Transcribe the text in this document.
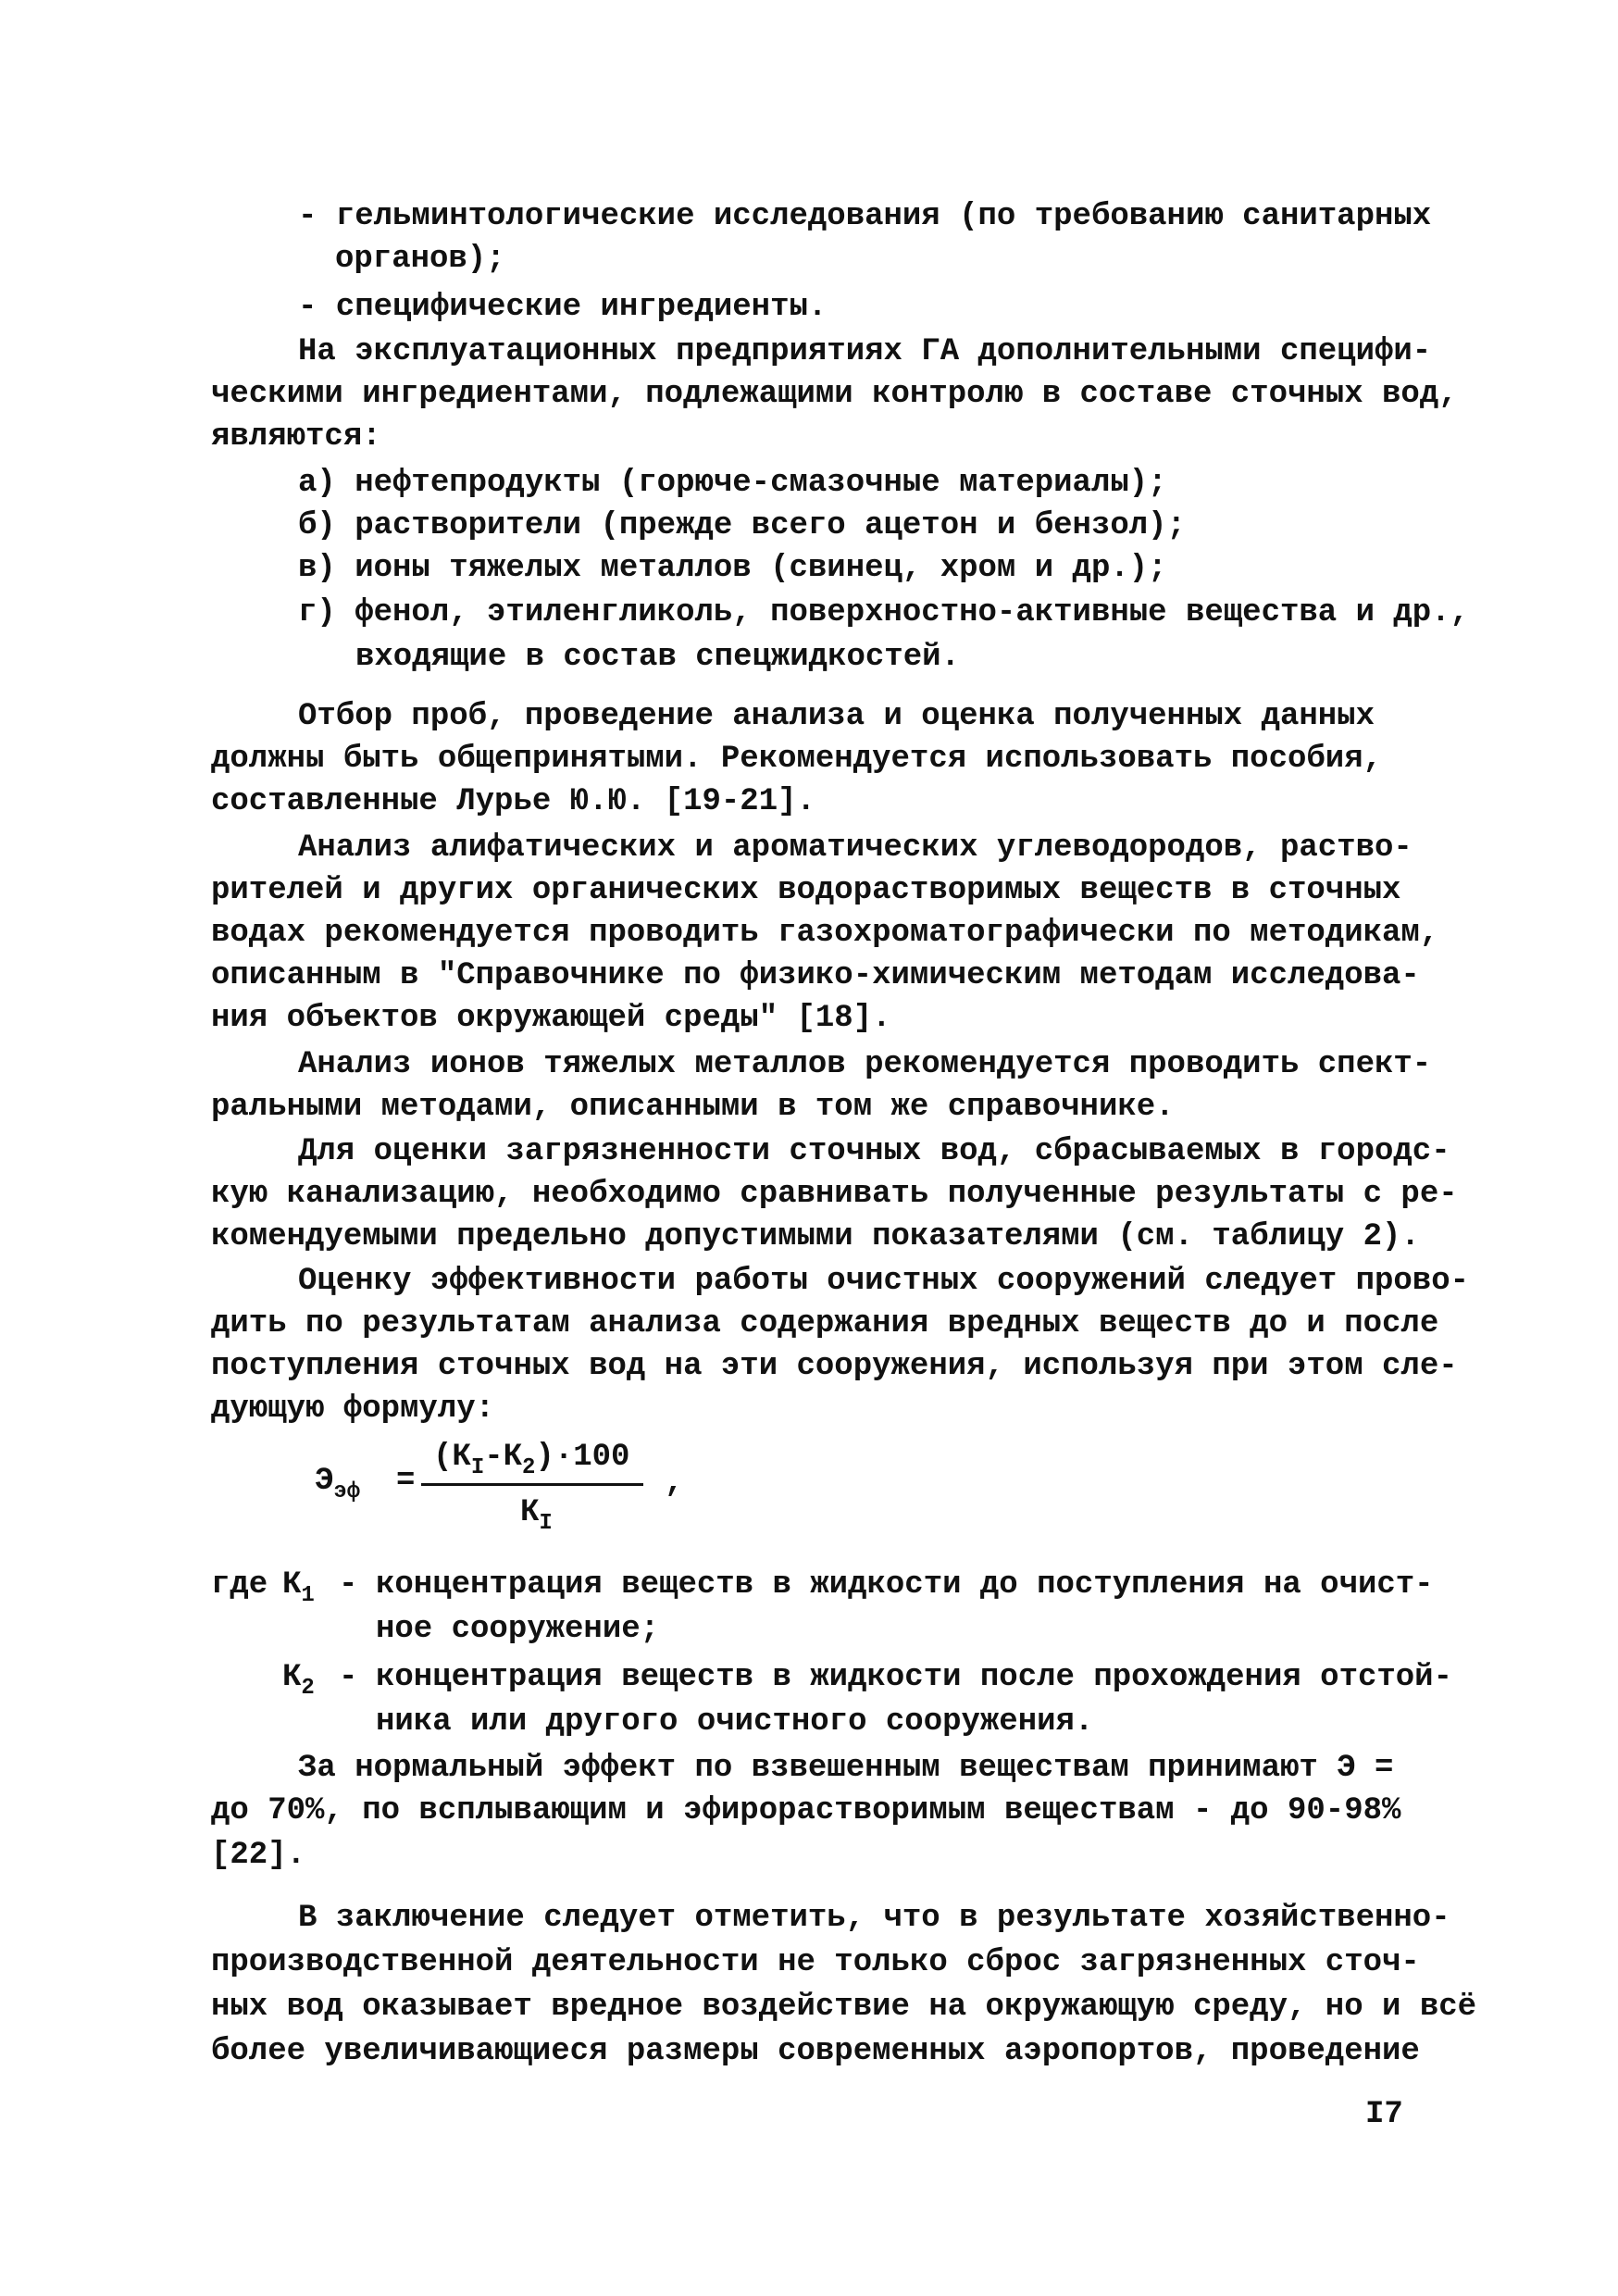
- гельминтологические исследования (по требованию санитарных
органов);
- специфические ингредиенты.
На эксплуатационных предприятиях ГА дополнительными специфи-
ческими ингредиентами, подлежащими контролю в составе сточных вод,
являются:
а) нефтепродукты (горюче-смазочные материалы);
б) растворители (прежде всего ацетон и бензол);
в) ионы тяжелых металлов (свинец, хром и др.);
г) фенол, этиленгликоль, поверхностно-активные вещества и др.,
входящие в состав спецжидкостей.
Отбор проб, проведение анализа и оценка полученных данных
должны быть общепринятыми. Рекомендуется использовать пособия,
составленные Лурье Ю.Ю. [19-21].
Анализ алифатических и ароматических углеводородов, раство-
рителей и других органических водорастворимых веществ в сточных
водах рекомендуется проводить газохроматографически по методикам,
описанным в "Справочнике по физико-химическим методам исследова-
ния объектов окружающей среды" [18].
Анализ ионов тяжелых металлов рекомендуется проводить спект-
ральными методами, описанными в том же справочнике.
Для оценки загрязненности сточных вод, сбрасываемых в городс-
кую канализацию, необходимо сравнивать полученные результаты с ре-
комендуемыми предельно допустимыми показателями (см. таблицу 2).
Оценку эффективности работы очистных сооружений следует прово-
дить по результатам анализа содержания вредных веществ до и после
поступления сточных вод на эти сооружения, используя при этом сле-
дующую формулу:
$Э_{эф}$ =
$(К_I-К_2)\cdot 100$
$К_I$
,
где $К_1$ - концентрация веществ в жидкости до поступления на очист-
ное сооружение;
$К_2$ - концентрация веществ в жидкости после прохождения отстой-
ника или другого очистного сооружения.
За нормальный эффект по взвешенным веществам принимают Э =
до 70%, по всплывающим и эфирорастворимым веществам - до 90-98%
[22].
В заключение следует отметить, что в результате хозяйственно-
производственной деятельности не только сброс загрязненных сточ-
ных вод оказывает вредное воздействие на окружающую среду, но и всё
более увеличивающиеся размеры современных аэропортов, проведение
I7
